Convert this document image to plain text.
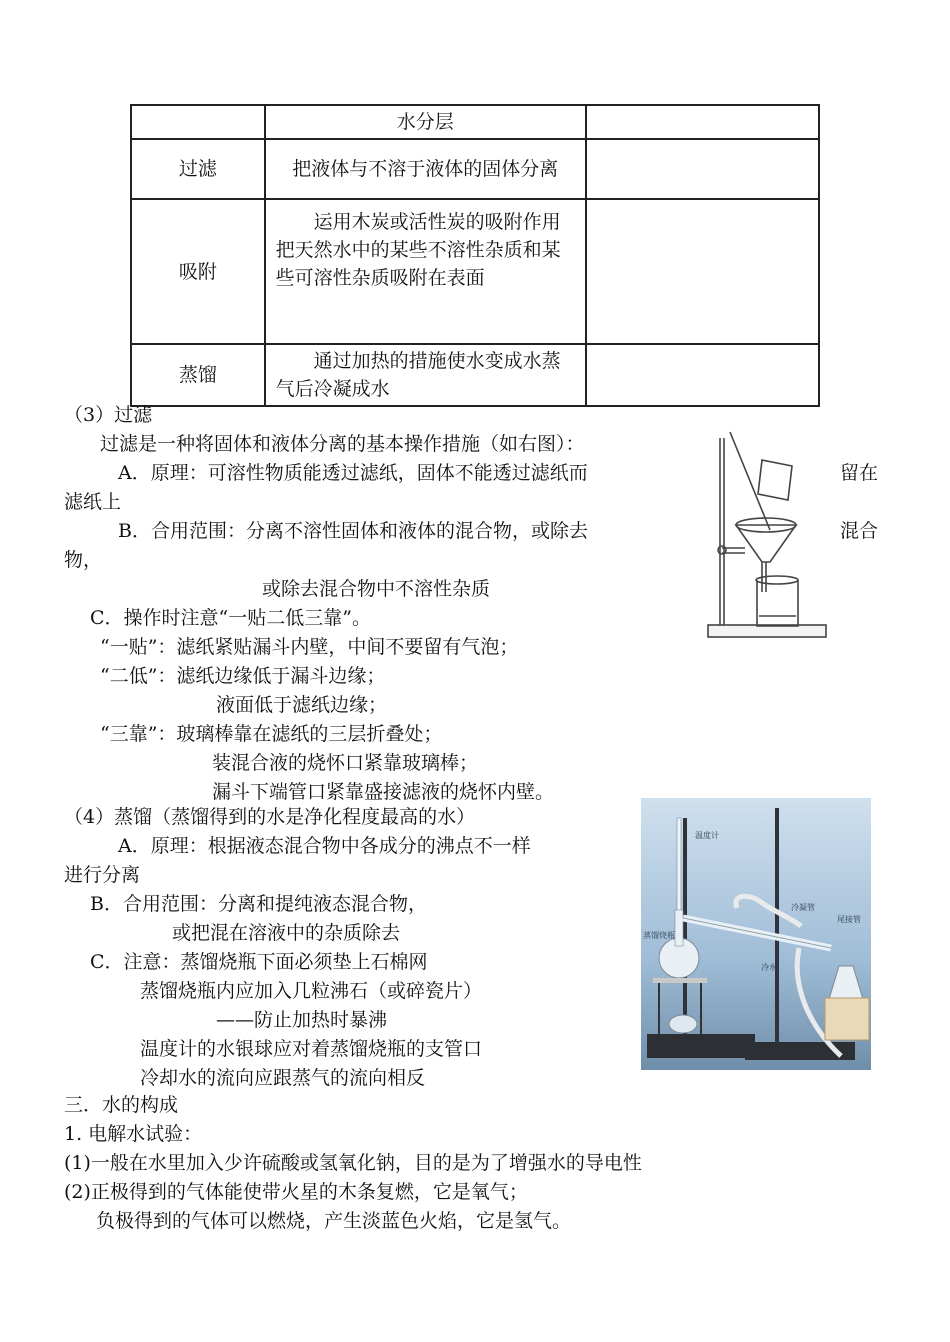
	水分层	
过滤	把液体与不溶于液体的固体分离	
吸附	运用木炭或活性炭的吸附作用把天然水中的某些不溶性杂质和某些可溶性杂质吸附在表面	
蒸馏	通过加热的措施使水变成水蒸气后冷凝成水	
（3）过滤
过滤是一种将固体和液体分离的基本操作措施（如右图）：
A．原理：可溶性物质能透过滤纸，固体不能透过滤纸而	留在
滤纸上
B．合用范围：分离不溶性固体和液体的混合物，或除去	混合
物，
或除去混合物中不溶性杂质
C．操作时注意“一贴二低三靠”。
“一贴”：滤纸紧贴漏斗内壁，中间不要留有气泡；
“二低”：滤纸边缘低于漏斗边缘；
液面低于滤纸边缘；
“三靠”：玻璃棒靠在滤纸的三层折叠处；
装混合液的烧怀口紧靠玻璃棒；
漏斗下端管口紧靠盛接滤液的烧怀内壁。
（4）蒸馏（蒸馏得到的水是净化程度最高的水）
A．原理：根据液态混合物中各成分的沸点不一样
进行分离
B．合用范围：分离和提纯液态混合物，
或把混在溶液中的杂质除去
C．注意：蒸馏烧瓶下面必须垫上石棉网
蒸馏烧瓶内应加入几粒沸石（或碎瓷片）
——防止加热时暴沸
温度计的水银球应对着蒸馏烧瓶的支管口
冷却水的流向应跟蒸气的流向相反
温度计
蒸馏烧瓶
冷凝管
冷水
尾接管
三．水的构成
1. 电解水试验：
(1)一般在水里加入少许硫酸或氢氧化钠，目的是为了增强水的导电性
(2)正极得到的气体能使带火星的木条复燃，它是氧气；
负极得到的气体可以燃烧，产生淡蓝色火焰，它是氢气。
